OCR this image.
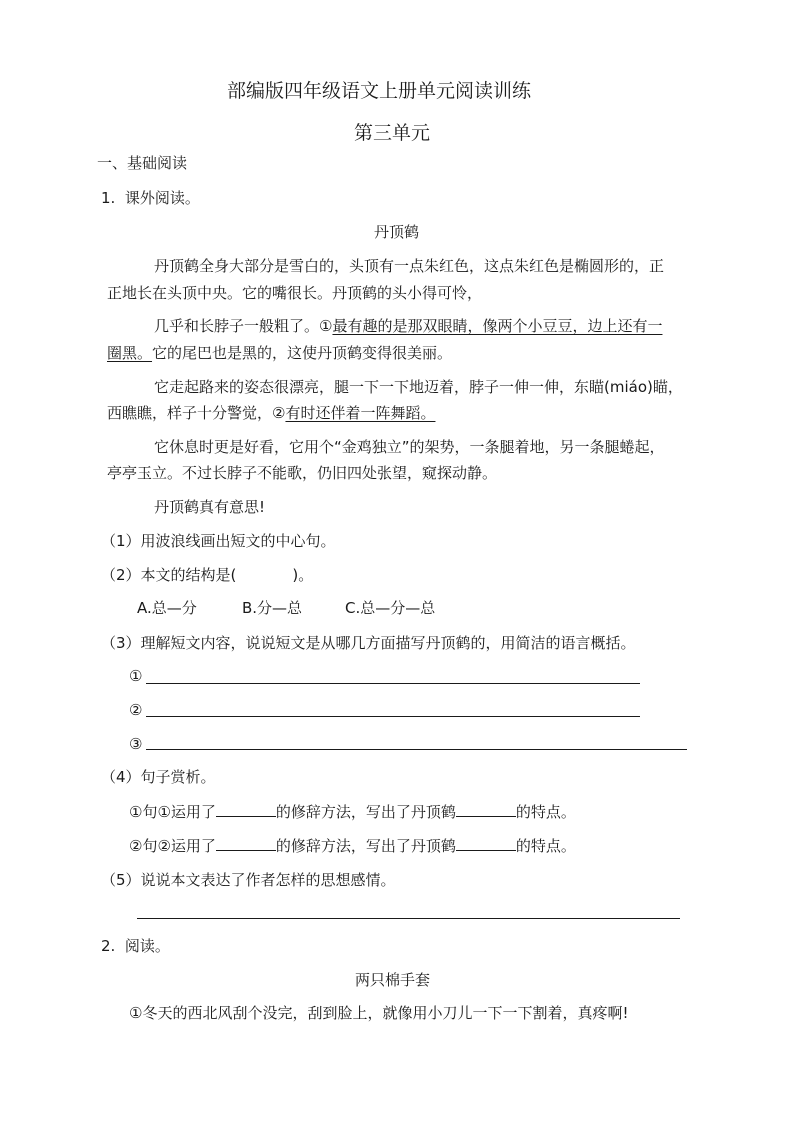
部编版四年级语文上册单元阅读训练
第三单元
一、基础阅读
1.  课外阅读。
丹顶鹤
丹顶鹤全身大部分是雪白的，头顶有一点朱红色，这点朱红色是椭圆形的，正
正地长在头顶中央。它的嘴很长。丹顶鹤的头小得可怜，
几乎和长脖子一般粗了。①最有趣的是那双眼睛，像两个小豆豆，边上还有一
圈黑。它的尾巴也是黑的，这使丹顶鹤变得很美丽。
它走起路来的姿态很漂亮，腿一下一下地迈着，脖子一伸一伸，东瞄(miáo)瞄，
西瞧瞧，样子十分警觉，②有时还伴着一阵舞蹈。
它休息时更是好看，它用个“金鸡独立”的架势，一条腿着地，另一条腿蜷起，
亭亭玉立。不过长脖子不能歌，仍旧四处张望，窥探动静。
丹顶鹤真有意思!
（1）用波浪线画出短文的中心句。
（2）本文的结构是(	)。
A.总—分	B.分—总	C.总—分—总
（3）理解短文内容，说说短文是从哪几方面描写丹顶鹤的，用简洁的语言概括。
①
②
③
（4）句子赏析。
①句①运用了	的修辞方法，写出了丹顶鹤	的特点。
②句②运用了	的修辞方法，写出了丹顶鹤	的特点。
（5）说说本文表达了作者怎样的思想感情。
2.  阅读。
两只棉手套
①冬天的西北风刮个没完，刮到脸上，就像用小刀儿一下一下割着，真疼啊!
